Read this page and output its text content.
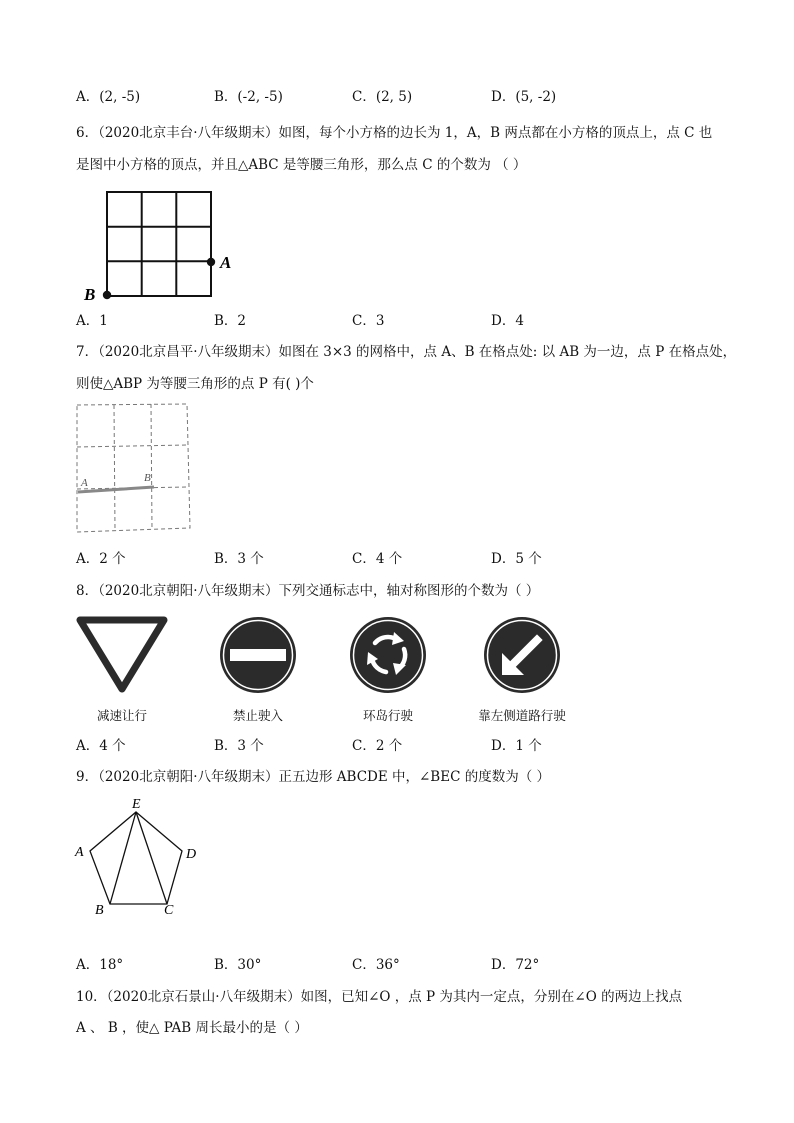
A．(2, -5)	B．(-2, -5)	C．(2, 5)	D．(5, -2)
6．（2020北京丰台·八年级期末）如图，每个小方格的边长为 1，A，B 两点都在小方格的顶点上，点 C 也
是图中小方格的顶点，并且△ABC 是等腰三角形，那么点 C 的个数为 （ ）
A
B
A．1	B．2	C．3	D．4
7．（2020北京昌平·八年级期末）如图在 3×3 的网格中，点 A、B 在格点处: 以 AB 为一边，点 P 在格点处，
则使△ABP 为等腰三角形的点 P 有( )个
A	B
A．2 个	B．3 个	C．4 个	D．5 个
8．（2020北京朝阳·八年级期末）下列交通标志中，轴对称图形的个数为（ ）
减速让行	禁止驶入	环岛行驶	靠左侧道路行驶
A．4 个	B．3 个	C．2 个	D．1 个
9．（2020北京朝阳·八年级期末）正五边形 ABCDE 中，∠BEC 的度数为（ ）
E
A	D
B	C
A．18°	B．30°	C．36°	D．72°
10．（2020北京石景山·八年级期末）如图，已知∠O ，点 P 为其内一定点，分别在∠O 的两边上找点
A 、 B ，使△ PAB 周长最小的是（ ）
